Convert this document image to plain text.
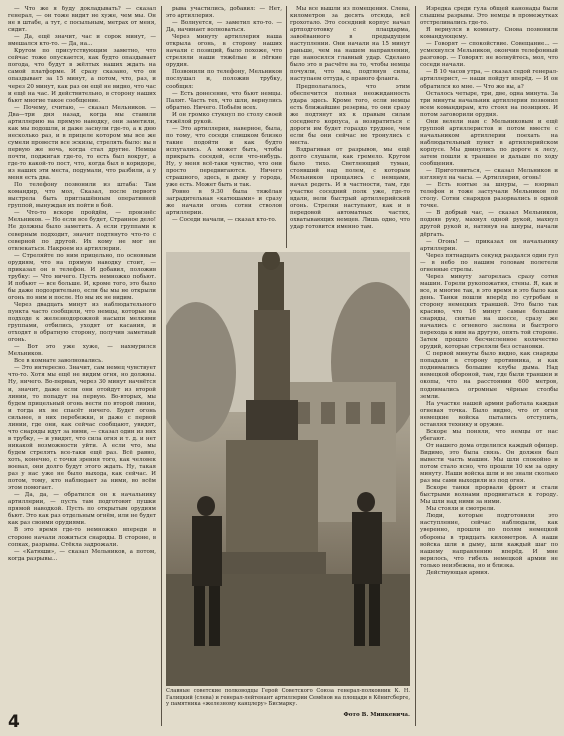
— Что же я буду докладывать? — сказал генерал, — он тоже видит не хуже, чем мы. Он не в штабе, а тут, с посыльным, метрах от меня, сидит.

— Да, ещё значит, час и сорок минут, — вмешался кто-то. — Да, на...

Кругом по присутствующим заметно, что сейчас тоже опускается, как будто опаздывает погода, что будут в жёлтых наших ждать на самой платформе. И сразу сказано, что он опаздывает за 15 минут, а потом, что, раз, и через 20 минут, как раз он ещё не видно, что час и ещё на час. И действительно, в сторону наших бьют многие такое сообщение.

— Почему, считаю, — сказал Мельников. — Два—три дня назад, когда мы ставили артиллерию на прямую наводку, они заметили, как мы подошли, и даже заснули где-то, а к дню несколько раз, и в прицеле котором мы все же сумели провести все эскизы, стрелять было: вы в первую же ночь, когда стал другие. Немцы почти, поджигая где-то, то есть был вокруг, а где-то какой-то пост, что, когда был в коридоре, из наших эти места, подумали, что разбили, а у меня есть два.

По телефону позвонили из штаба: Там командир, что мол, Сказал, после первого выстрела быть приглашённым оперативной группой, вынуждая их пойти в бой.

— Что-то вскоре пройдём, — произнёс Мельников. — Но если все будет, Странное дело! Не должны было заметить. А если группами к северным подходит, значит подтянуто что-то с северной по другой. Их кому не мог не отвлекаться. Накроем из артиллерии.

— Стреляйте по ним прицельно, по основным орудиям, что на прямую наводку стоит, — приказал он в телефон. И добавил, положив трубку: — Что ничего. Пусть немножко побьют. И побьют — все больше. И, кроме того, это было бы даже подозрительно, если бы мы не открыли огонь по ним и после. Но мы их не видим.

Через двадцать минут из наблюдательного пункта часто сообщили, что немцы, которые на подходе к железнодорожной насыпи мелкими группами, отбились, уходят от касания, и отходят в обратную сторону, получив заметный огонь.

— Вот это уже хуже, — нахмурился Мельников.

Все в комнате заволновались.

— Это интересно. Значит, сам немец чувствует что-то. Хотя мы ещё не видим огня, но должны. Ну, ничего. Во-первых, через 30 минут начнётся и, значит, даже если они отойдут из второй линии, то попадут на первую. Во-вторых, мы будем прицельный огонь вести по второй линии, и тогда их не спасёт ничего. Будет огонь сильнее, в них перебежки, и даже с первой линии, где они, как сейчас сообщают, увидят, что снаряды идут за ними, — сказал один из них в трубку, — и увидят, что сила огня и т. д. и нет никакой возможности уйти. А если что, мы будем стрелять все-таки ещё раз. Всё равно, хоть, конечно, с точки зрения того, как человек воевал, они долго будут этого ждать. Ну, такая раз у нас уже не было выхода, как сейчас. И потом, тому, кто наблюдает за ними, во всём этом помогает.

— Да, да, — обратился он к начальнику артиллерии, — пусть там подготовят пушки прямой наводкой. Пусть по открытым орудиям бьют. Это как раз отдельным огнём, или не будет как раз своими орудиями.

В это время где-то немножко впереди в стороне начали ложиться снаряды. В стороне, в сопках, разрывы. Стёкла задрожали.

— «Катюши», — сказал Мельников, а потом, когда разрывы...

рыва участились, добавил: — Нет, это артиллерия.

— Волнуется, — заметил кто-то. — Да, начинает волноваться.

Через минуту артиллерия наша открыла огонь, в сторону наших начали с позиций, было похоже, что стреляли наши тяжёлые и лёгкие орудия.

Позвонили по телефону, Мельников послушал и, положив трубку, сообщил:

— Есть донесение, что бьют немцы. Палят. Часть тех, что шли, вернулись обратно. Ничего. Побьём всех.

И он громко стукнул по столу своей тяжёлой рукой.

— Это артиллерия, наверное, была, по тому, что соседи слишком близко такие подойти и как будто испугались. А может быть, чтобы прикрыть соседей, если что-нибудь. Ну, у меня всё-таки чувство, что они просто передвигаются. Ничего страшного, здесь, в дыму у города, уже есть. Может быть и так.

Ровно в 9.30 была тяжёлая заградительная «катюшами» и сразу же начали огонь сотни стволов артиллерии.

— Соседи начали, — сказал кто-то.

Мы все вышли из помещения. Слева, километров за десять отсюда, всё грохотало. Это соседний корпус начал артподготовку с плацдарма, завоёванного в предыдущем наступлении. Они начали на 15 минут раньше, чем на нашем направлении, где наносился главный удар. Сделано было это в расчёте на то, чтобы немцы почуяли, что мы, подтянув силы, наступаем оттуда, с правого фланга.

Предполагалось, что этим обеспечится полная неожиданность удара здесь. Кроме того, если немцы есть ближайшие резервы, то они сразу же подтянут их к правым силам соседнего корпуса, а возвратиться с дороги им будет гораздо труднее, чем если бы они сейчас не тронулись с места.

Вздрагивая от разрывов, мы ещё долго слушали, как гремело. Кругом было тихо. Светлеющий туман, стоявший над полем, с которым Мельников прощались с немцами, начал редеть. И в частности, там, где участке соседний полк уже, где-то вдали, вели быстрый артиллерийский огонь. Стрелки наступают, как и в передовой автоматных частях, охватывающих немцев. Лишь одно, что удар готовится именно там.

Изредка среди гула общей канонады были слышны разрывы. Это немцы в промежутках отстреливались где-то.

Я вернулся в комнату. Снова позвонили командующему.

— Говорят — спокойствие. Совещание... — усмехнулся Мельников, окончив телефонный разговор. — Говорят: не волнуйтесь, мол, что соседи начали.

— В 10 часов утра, — сказал седой генерал-артиллерист, — наши пойдут вперёд. — И он обратился ко мне. — Что же вы, а?

Осталось четыре, три, две, одна минута. За три минуты начальник артиллерии позвонил всем командирам, кто стоял на позициях. И потом заговорили орудия.

Они велели нам с Мельниковым и ещё группой артиллеристов и потом вместе с начальником артиллерии поехать на наблюдательный пункт в артиллерийском корпусе. Мы двинулись по дороге к лесу, затем пошли к траншее и дальше по ходу сообщения.

— Приготовиться, — сказал Мельников и взглянул на часы. — Артиллерия, огонь!

— Есть взятые за шнуры, — взорвал телефон и тоже застучали Мельников по столу. Сотни снарядов разорвались в одной точке.

— В добрый час, — сказал Мельников, подняв руку, махнул одной рукой, махнул другой рукой и, натянув на шнуры, начали дёргать.

— Огонь! — приказал он начальнику артиллерии.

Через пятнадцать секунд раздался один гул — в небо по нашим головам полетели огненные стрелы.

Через минуту загорелась сразу сотня машин. Горели рукопожатия, стены. Я, как и все, и многие так, в это время и это было как день. Танки пошли вперёд по сугробам в сторону немецких траншей. Это было так красиво, что 16 минут самые большие снаряды, снятые на шоссе, сразу же начались с огневого заслона и быстрого перехода к ним на другую, опять той стороне. Затем прошло бесчисленное количество орудий, которые стреляли без остановки.

С первой минуты было видно, как снаряды попадали в сторону противника, и как поднимались большие клубы дыма. Над немецкой обороной, там, где были траншеи и окопы, что на расстоянии 600 метров, поднимались огромные чёрные столбы земли.

На участке нашей армии работала каждая огневая точка. Было видно, что от огня немецкие войска пытались отступить, оставляя технику и оружие.

Вскоре мы поняли, что немцы от нас убегают.

От нашего дома отделился каждый офицер. Видимо, это была связь. Он должен был вывести часть машин. Мы шли спокойно и потом стало ясно, что прошли 10 км за одну минуту. Наши войска шли и не знали сколько раз мы сами выходили из под огня.

Вскоре танки прорвали фронт и стали быстрыми волнами продвигаться к городу. Мы шли над ними за ними.

Мы стояли и смотрели.

Люди, которые подготовили это наступление, сейчас наблюдали, как уверенно, прошли по полям немецкой обороны в тридцать километров. А наши войска шли в дыму, шли каждый шаг по нашему направлению вперёд. И мне верилось, что гибель немецкой армии не только неизбежна, но и близка.

Действующая армия.

Славные советские полководцы Герой Советского Союза генерал-полковник К. Н. Галицкий (слева) и генерал-лейтенант артиллерии Семёнов на площади в Кёнигсберге, у памятника «железному канцлеру» Бисмарку.
Фото В. Минкевича.
4
